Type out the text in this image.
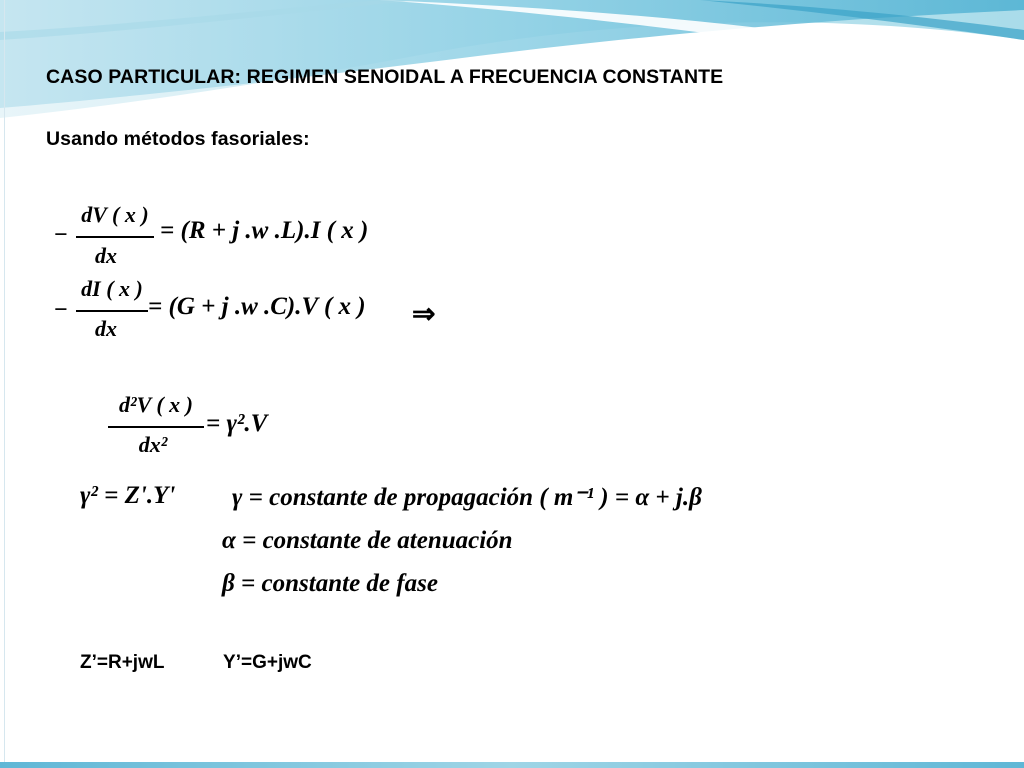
CASO PARTICULAR: REGIMEN SENOIDAL A FRECUENCIA CONSTANTE
Usando métodos fasoriales:
−
dV ( x )
dx
= (R + j .w .L).I ( x )
−
dI ( x )
dx
= (G + j .w .C).V ( x ) ⇒
d²V ( x )
dx²
= γ².V
γ² = Z'.Y' γ = constante de propagación ( m⁻¹ ) = α + j.β
α = constante de atenuación
β = constante de fase
Z’=R+jwL	Y’=G+jwC
